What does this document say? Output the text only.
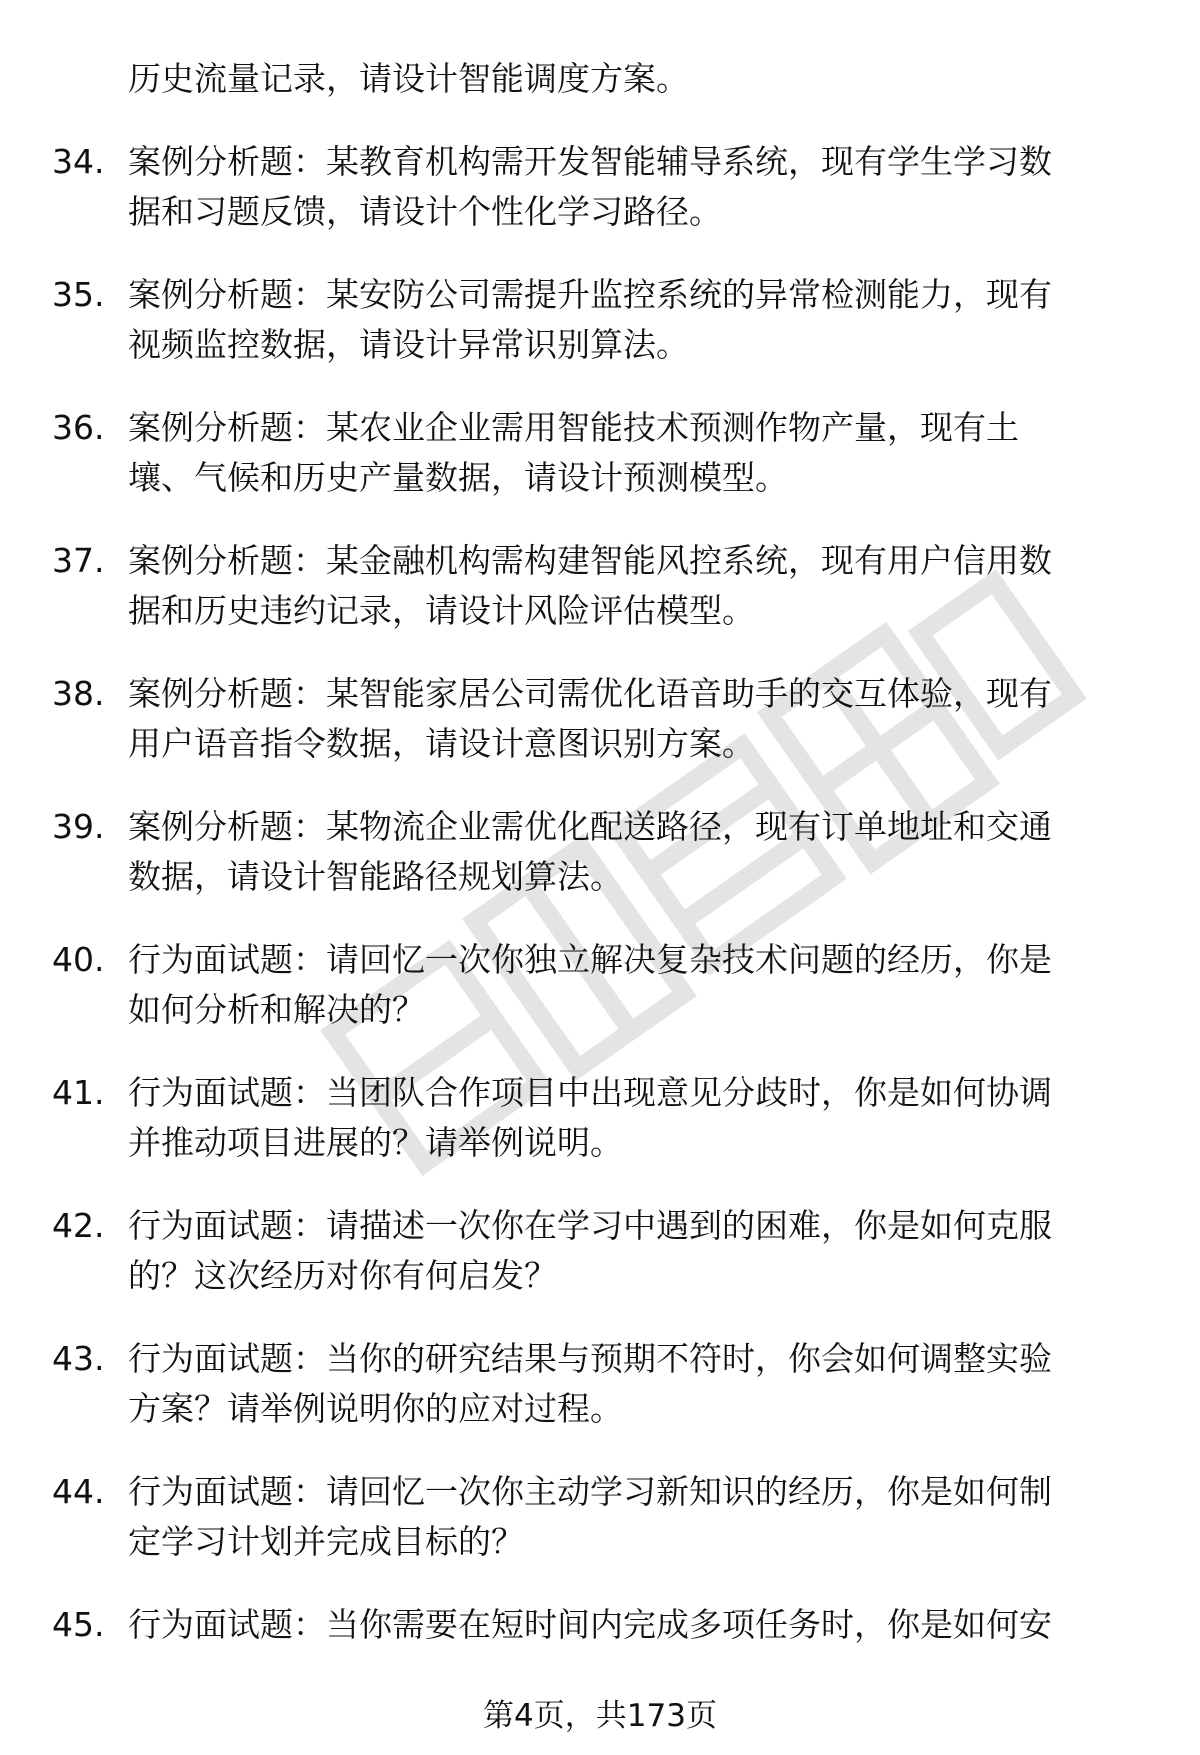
历史流量记录，请设计智能调度方案。
34. 案例分析题：某教育机构需开发智能辅导系统，现有学生学习数
据和习题反馈，请设计个性化学习路径。
35. 案例分析题：某安防公司需提升监控系统的异常检测能力，现有
视频监控数据，请设计异常识别算法。
36. 案例分析题：某农业企业需用智能技术预测作物产量，现有土
壤、气候和历史产量数据，请设计预测模型。
37. 案例分析题：某金融机构需构建智能风控系统，现有用户信用数
据和历史违约记录，请设计风险评估模型。
38. 案例分析题：某智能家居公司需优化语音助手的交互体验，现有
用户语音指令数据，请设计意图识别方案。
39. 案例分析题：某物流企业需优化配送路径，现有订单地址和交通
数据，请设计智能路径规划算法。
40. 行为面试题：请回忆一次你独立解决复杂技术问题的经历，你是
如何分析和解决的？
41. 行为面试题：当团队合作项目中出现意见分歧时，你是如何协调
并推动项目进展的？请举例说明。
42. 行为面试题：请描述一次你在学习中遇到的困难，你是如何克服
的？这次经历对你有何启发？
43. 行为面试题：当你的研究结果与预期不符时，你会如何调整实验
方案？请举例说明你的应对过程。
44. 行为面试题：请回忆一次你主动学习新知识的经历，你是如何制
定学习计划并完成目标的？
45. 行为面试题：当你需要在短时间内完成多项任务时，你是如何安
第4页，共173页
